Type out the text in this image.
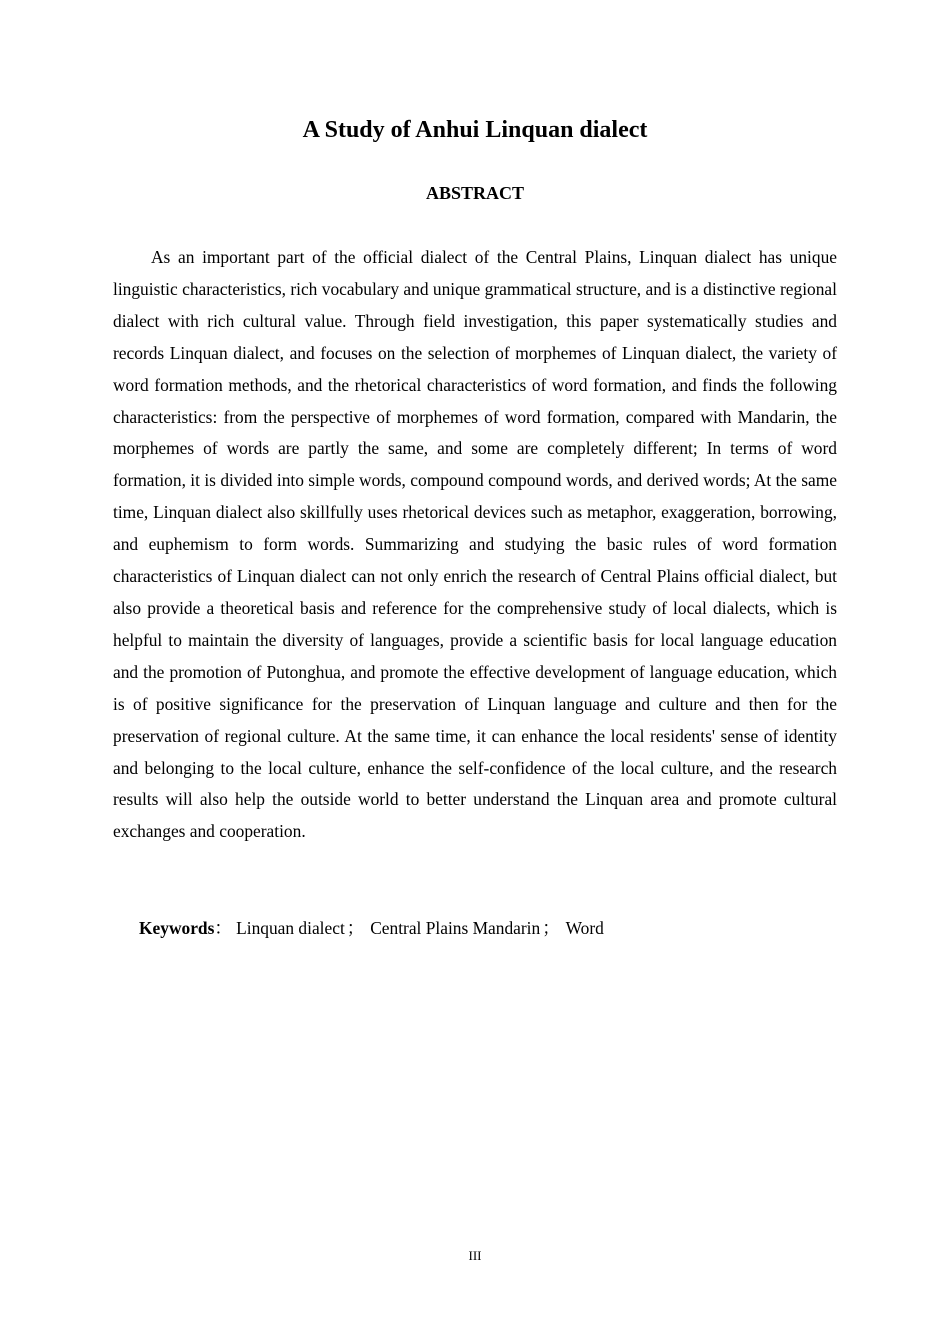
A Study of Anhui Linquan dialect
ABSTRACT

As an important part of the official dialect of the Central Plains, Linquan dialect has unique linguistic characteristics, rich vocabulary and unique grammatical structure, and is a distinctive regional dialect with rich cultural value. Through field investigation, this paper systematically studies and records Linquan dialect, and focuses on the selection of morphemes of Linquan dialect, the variety of word formation methods, and the rhetorical characteristics of word formation, and finds the following characteristics: from the perspective of morphemes of word formation, compared with Mandarin, the morphemes of words are partly the same, and some are completely different; In terms of word formation, it is divided into simple words, compound compound words, and derived words; At the same time, Linquan dialect also skillfully uses rhetorical devices such as metaphor, exaggeration, borrowing, and euphemism to form words. Summarizing and studying the basic rules of word formation characteristics of Linquan dialect can not only enrich the research of Central Plains official dialect, but also provide a theoretical basis and reference for the comprehensive study of local dialects, which is helpful to maintain the diversity of languages, provide a scientific basis for local language education and the promotion of Putonghua, and promote the effective development of language education, which is of positive significance for the preservation of Linquan language and culture and then for the preservation of regional culture. At the same time, it can enhance the local residents' sense of identity and belonging to the local culture, enhance the self-confidence of the local culture, and the research results will also help the outside world to better understand the Linquan area and promote cultural exchanges and cooperation.

Keywords： Linquan dialect ； Central Plains Mandarin ； Word

III
